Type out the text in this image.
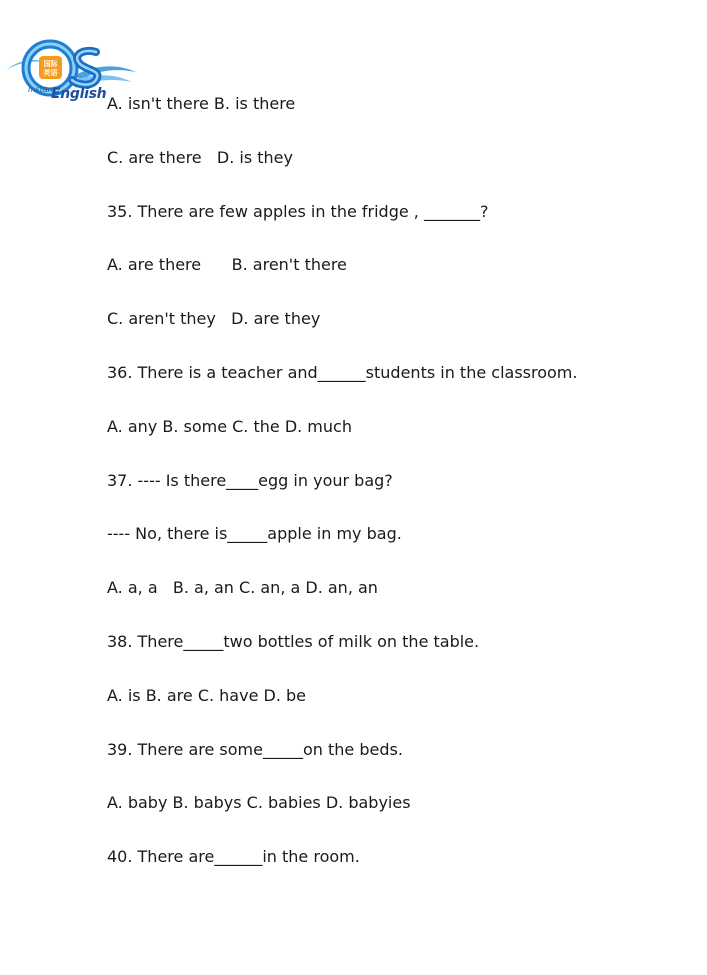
国际
英语
Instant
English A. isn't there B. is there
C. are there   D. is they
35. There are few apples in the fridge , _______?
A. are there      B. aren't there
C. aren't they   D. are they
36. There is a teacher and______students in the classroom.
A. any B. some C. the D. much
37. ---- Is there____egg in your bag?
---- No, there is_____apple in my bag.
A. a, a   B. a, an C. an, a D. an, an
38. There_____two bottles of milk on the table.
A. is B. are C. have D. be
39. There are some_____on the beds.
A. baby B. babys C. babies D. babyies
40. There are______in the room.
